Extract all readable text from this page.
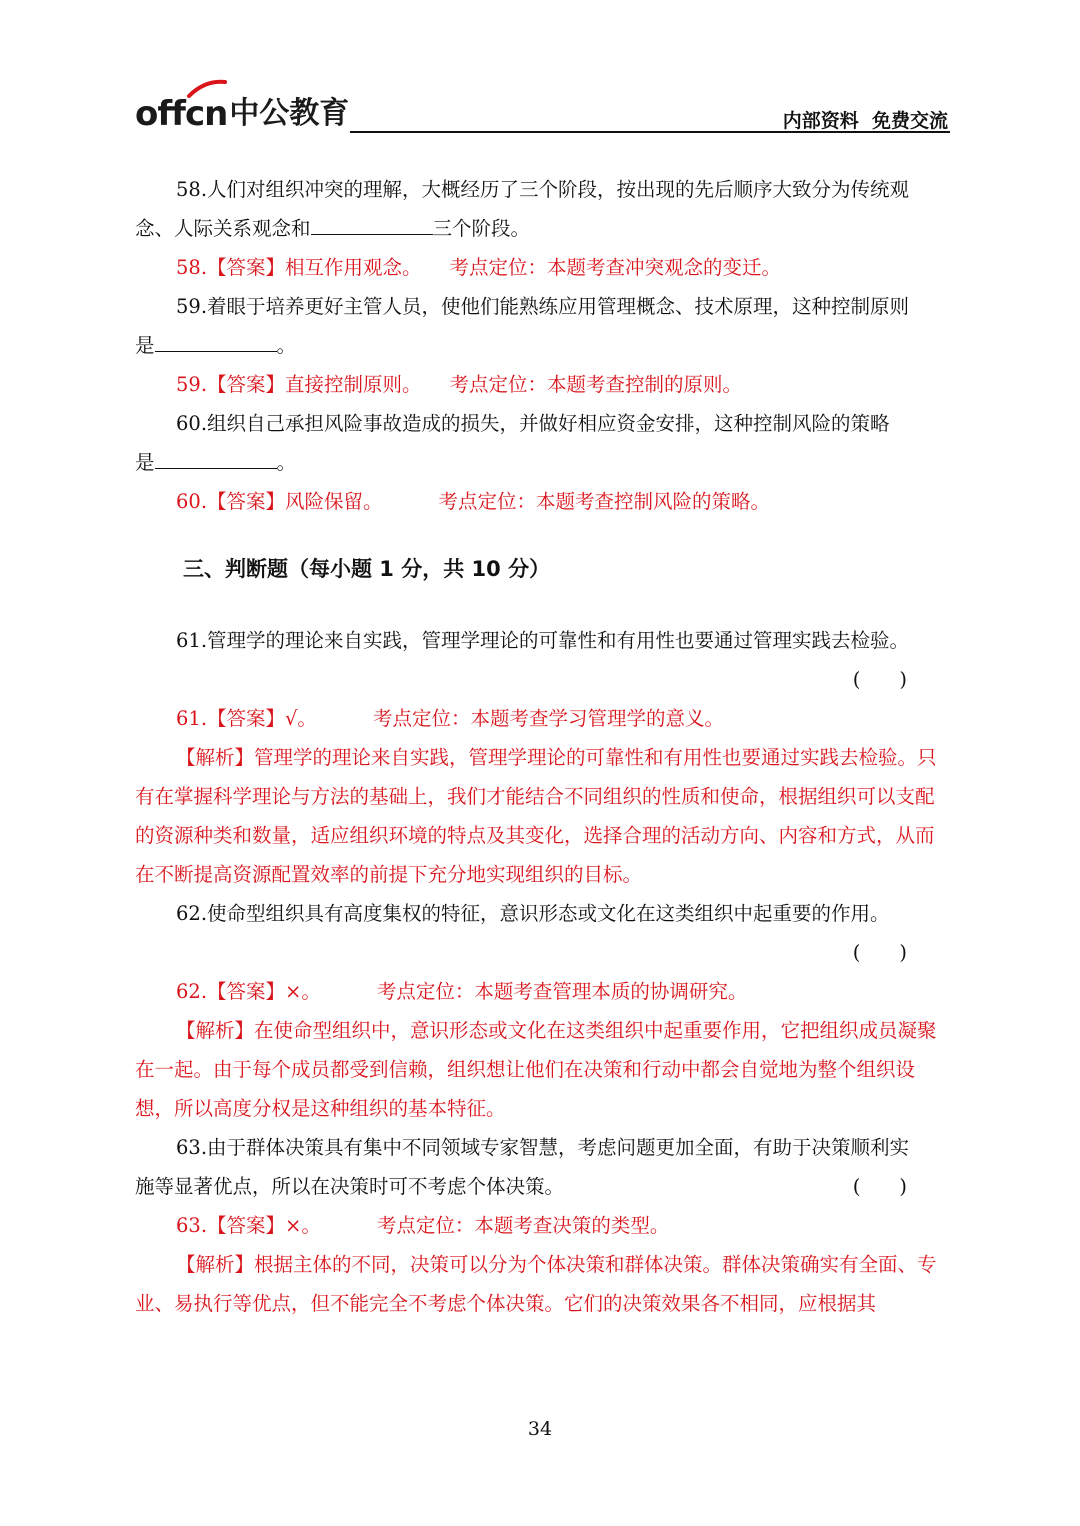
offcn 中公教育	内部资料  免费交流

58.人们对组织冲突的理解，大概经历了三个阶段，按出现的先后顺序大致分为传统观

念、人际关系观念和	三个阶段。

58.【答案】相互作用观念。 考点定位：本题考查冲突观念的变迁。

59.着眼于培养更好主管人员，使他们能熟练应用管理概念、技术原理，这种控制原则

是	。

59.【答案】直接控制原则。 考点定位：本题考查控制的原则。

60.组织自己承担风险事故造成的损失，并做好相应资金安排，这种控制风险的策略

是	。

60.【答案】风险保留。	考点定位：本题考查控制风险的策略。

三、判断题（每小题 1 分，共 10 分）

61.管理学的理论来自实践，管理学理论的可靠性和有用性也要通过管理实践去检验。

(　　)

61.【答案】√。	考点定位：本题考查学习管理学的意义。

【解析】管理学的理论来自实践，管理学理论的可靠性和有用性也要通过实践去检验。只有在掌握科学理论与方法的基础上，我们才能结合不同组织的性质和使命，根据组织可以支配的资源种类和数量，适应组织环境的特点及其变化，选择合理的活动方向、内容和方式，从而在不断提高资源配置效率的前提下充分地实现组织的目标。

62.使命型组织具有高度集权的特征，意识形态或文化在这类组织中起重要的作用。

(　　)

62.【答案】×。	考点定位：本题考查管理本质的协调研究。

【解析】在使命型组织中，意识形态或文化在这类组织中起重要作用，它把组织成员凝聚在一起。由于每个成员都受到信赖，组织想让他们在决策和行动中都会自觉地为整个组织设想，所以高度分权是这种组织的基本特征。

63.由于群体决策具有集中不同领域专家智慧，考虑问题更加全面，有助于决策顺利实

施等显著优点，所以在决策时可不考虑个体决策。	(　　)

63.【答案】×。	考点定位：本题考查决策的类型。

【解析】根据主体的不同，决策可以分为个体决策和群体决策。群体决策确实有全面、专业、易执行等优点，但不能完全不考虑个体决策。它们的决策效果各不相同，应根据其

34
